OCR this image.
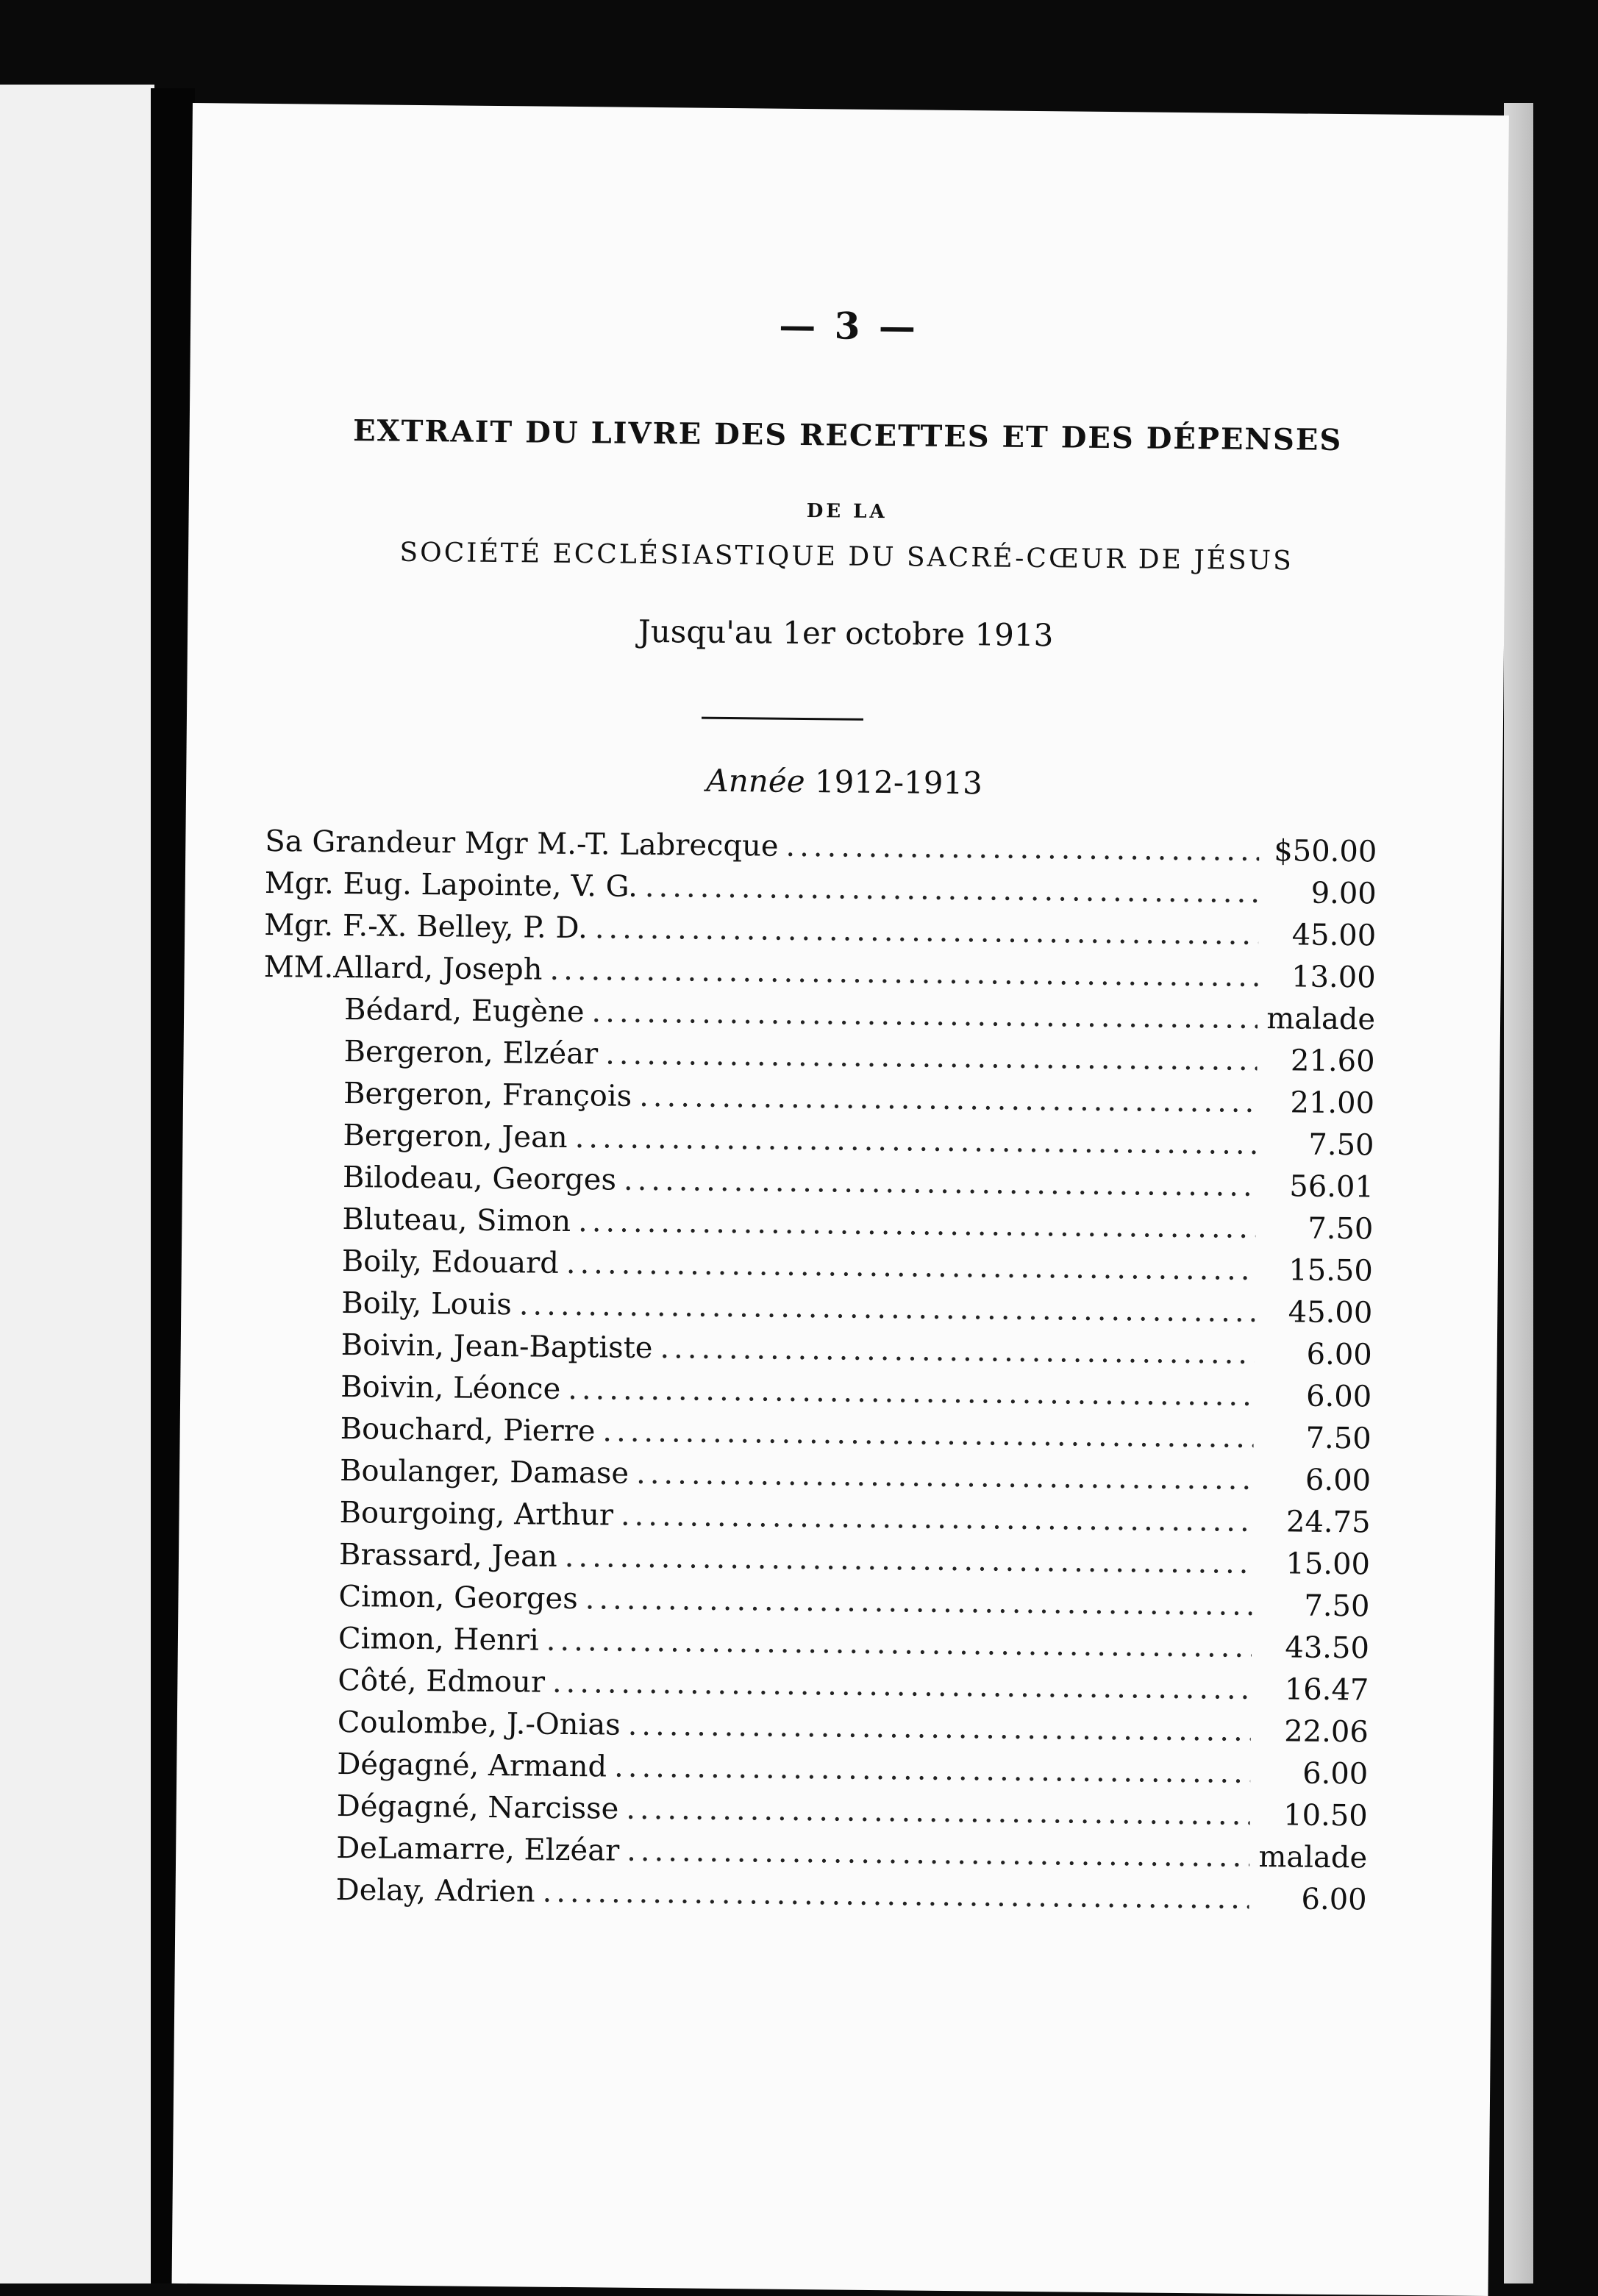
— 3 —
EXTRAIT DU LIVRE DES RECETTES ET DES DÉPENSES
DE LA
SOCIÉTÉ ECCLÉSIASTIQUE DU SACRÉ-CŒUR DE JÉSUS
Jusqu'au 1er octobre 1913
Année 1912-1913
Sa Grandeur Mgr M.-T. Labrecque .....	$50.00
Mgr. Eug. Lapointe, V. G. .....	9.00
Mgr. F.-X. Belley, P. D. .....	45.00
MM. Allard, Joseph .....	13.00
Bédard, Eugène .....	malade
Bergeron, Elzéar .....	21.60
Bergeron, François .....	21.00
Bergeron, Jean .....	7.50
Bilodeau, Georges .....	56.01
Bluteau, Simon .....	7.50
Boily, Edouard .....	15.50
Boily, Louis .....	45.00
Boivin, Jean-Baptiste .....	6.00
Boivin, Léonce .....	6.00
Bouchard, Pierre .....	7.50
Boulanger, Damase .....	6.00
Bourgoing, Arthur .....	24.75
Brassard, Jean .....	15.00
Cimon, Georges .....	7.50
Cimon, Henri .....	43.50
Côté, Edmour .....	16.47
Coulombe, J.-Onias .....	22.06
Dégagné, Armand .....	6.00
Dégagné, Narcisse .....	10.50
DeLamarre, Elzéar .....	malade
Delay, Adrien .....	6.00
